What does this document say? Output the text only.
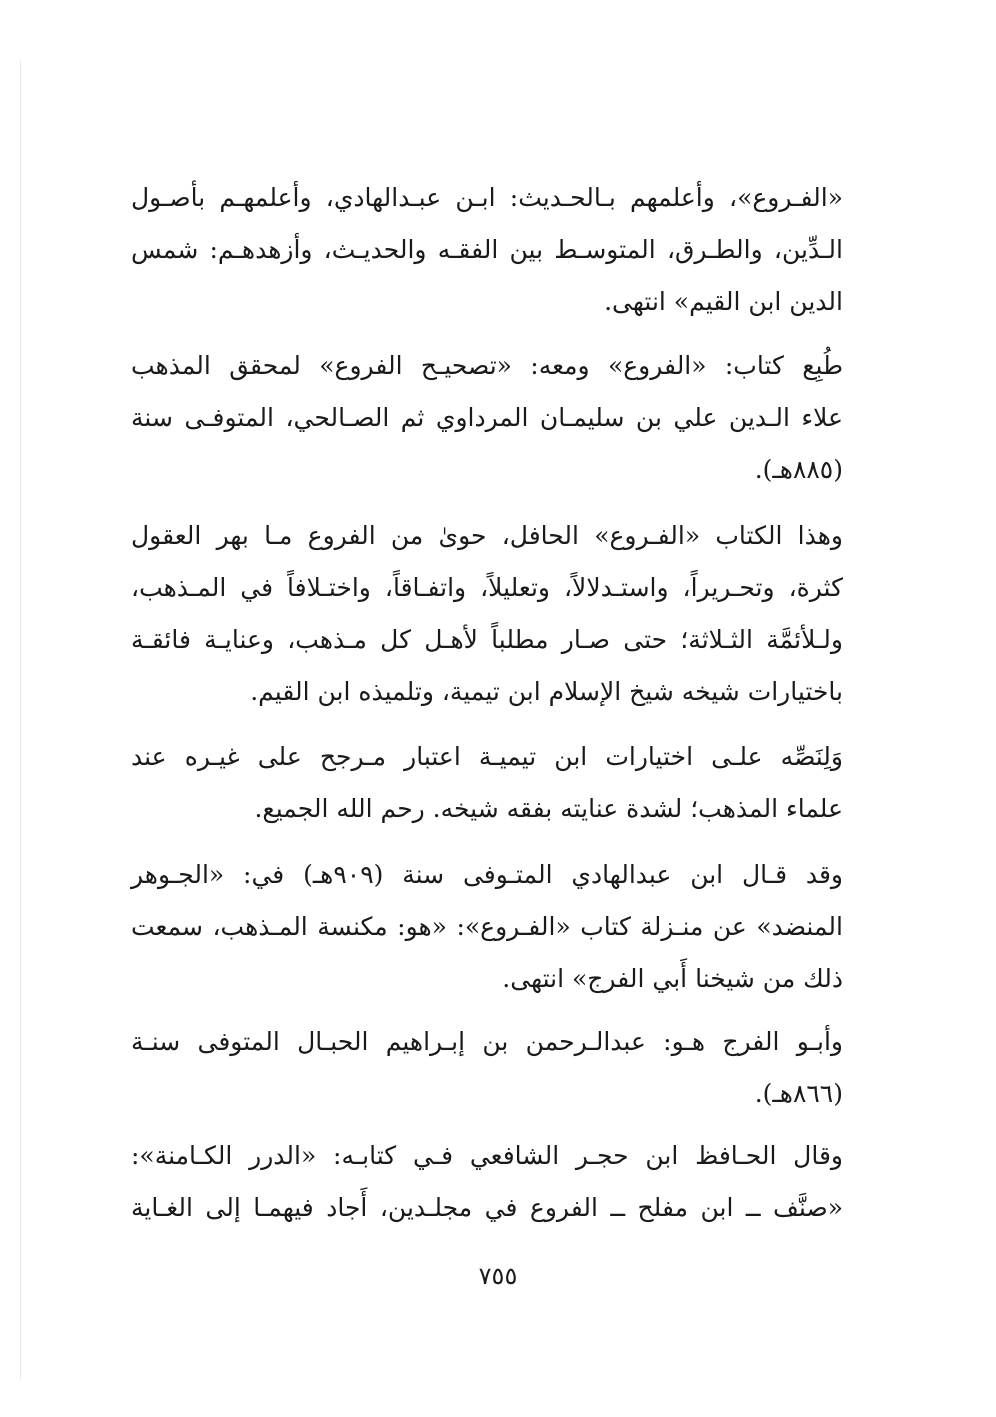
«الفـروع»، وأعلمهم بـالحـديث: ابـن عبـدالهادي، وأعلمهـم بأصـول
الـدِّين، والطـرق، المتوسـط بين الفقـه والحديـث، وأزهدهـم: شمس
الدين ابن القيم» انتهى.
طُبِع كتاب: «الفروع» ومعه: «تصحيـح الفروع» لمحقق المذهب
علاء الـدين علي بن سليمـان المرداوي ثم الصـالحي، المتوفـى سنة
(٨٨٥هـ).
وهذا الكتاب «الفـروع» الحافل، حوىٰ من الفروع مـا بهر العقول
كثرة، وتحـريراً، واستـدلالاً، وتعليلاً، واتفـاقاً، واختـلافاً في المـذهب،
ولـلأئمَّة الثـلاثة؛ حتى صـار مطلباً لأهـل كل مـذهب، وعنايـة فائقـة
باختيارات شيخه شيخ الإسلام ابن تيمية، وتلميذه ابن القيم.
وَلِنَصِّه علـى اختيارات ابن تيميـة اعتبار مـرجح على غيـره عند
علماء المذهب؛ لشدة عنايته بفقه شيخه. رحم الله الجميع.
وقد قـال ابن عبدالهادي المتـوفى سنة (٩٠٩هـ) في: «الجـوهر
المنضد» عن منـزلة كتاب «الفـروع»: «هو: مكنسة المـذهب، سمعت
ذلك من شيخنا أَبي الفرج» انتهى.
وأبـو الفرج هـو: عبدالـرحمن بن إبـراهيم الحبـال المتوفى سنـة
(٨٦٦هـ).
وقال الحـافظ ابن حجـر الشافعي فـي كتابـه: «الدرر الكـامنة»:
«صنَّف ــ ابن مفلح ــ الفروع في مجلـدين، أَجاد فيهمـا إلى الغـاية
٧٥٥
